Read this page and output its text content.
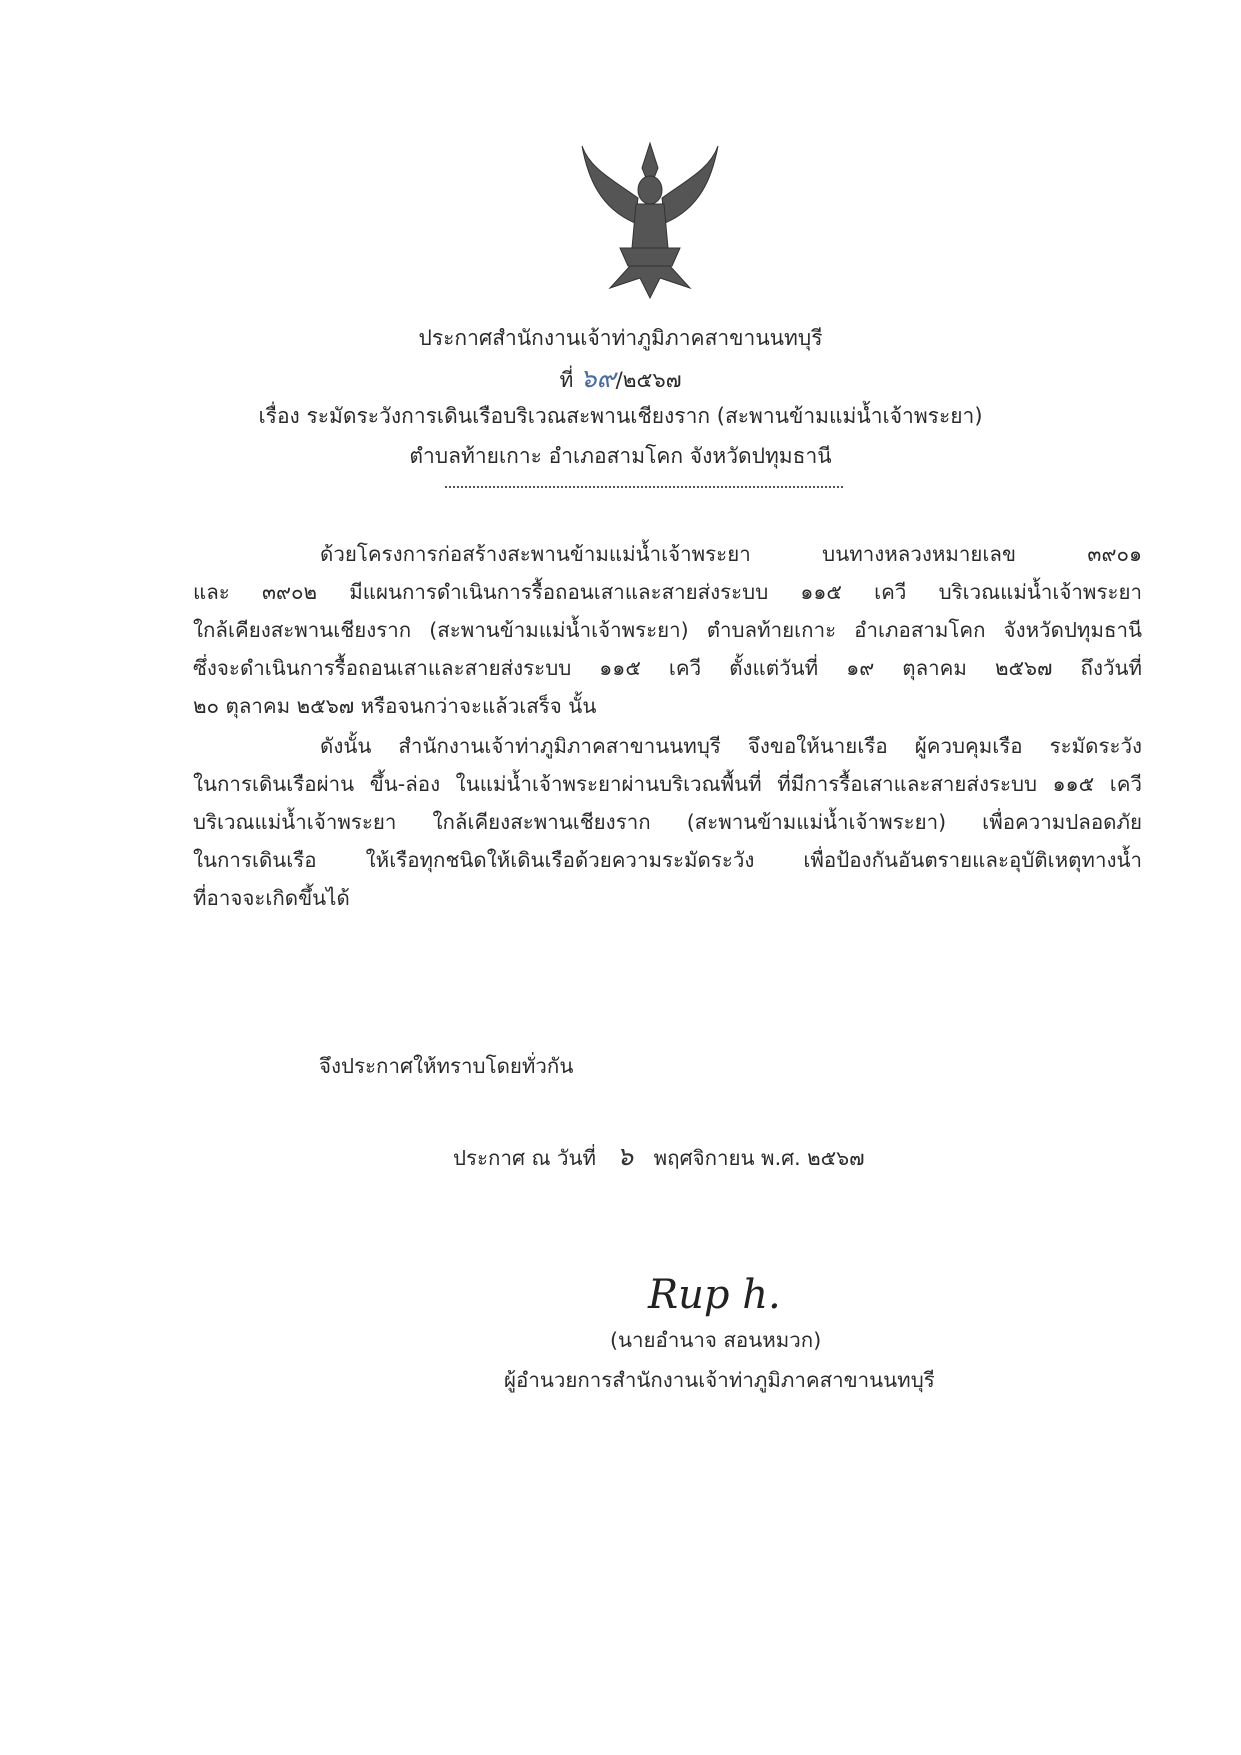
ประกาศสำนักงานเจ้าท่าภูมิภาคสาขานนทบุรี
ที่ ๖๙/๒๕๖๗
เรื่อง ระมัดระวังการเดินเรือบริเวณสะพานเชียงราก (สะพานข้ามแม่น้ำเจ้าพระยา)
ตำบลท้ายเกาะ อำเภอสามโคก จังหวัดปทุมธานี
ด้วยโครงการก่อสร้างสะพานข้ามแม่น้ำเจ้าพระยา บนทางหลวงหมายเลข ๓๙๐๑
และ ๓๙๐๒ มีแผนการดำเนินการรื้อถอนเสาและสายส่งระบบ ๑๑๕ เควี บริเวณแม่น้ำเจ้าพระยา
ใกล้เคียงสะพานเชียงราก (สะพานข้ามแม่น้ำเจ้าพระยา) ตำบลท้ายเกาะ อำเภอสามโคก จังหวัดปทุมธานี
ซึ่งจะดำเนินการรื้อถอนเสาและสายส่งระบบ ๑๑๕ เควี ตั้งแต่วันที่ ๑๙ ตุลาคม ๒๕๖๗ ถึงวันที่
๒๐ ตุลาคม ๒๕๖๗ หรือจนกว่าจะแล้วเสร็จ นั้น
ดังนั้น สำนักงานเจ้าท่าภูมิภาคสาขานนทบุรี จึงขอให้นายเรือ ผู้ควบคุมเรือ ระมัดระวัง
ในการเดินเรือผ่าน ขึ้น-ล่อง ในแม่น้ำเจ้าพระยาผ่านบริเวณพื้นที่ ที่มีการรื้อเสาและสายส่งระบบ ๑๑๕ เควี
บริเวณแม่น้ำเจ้าพระยา ใกล้เคียงสะพานเชียงราก (สะพานข้ามแม่น้ำเจ้าพระยา) เพื่อความปลอดภัย
ในการเดินเรือ ให้เรือทุกชนิดให้เดินเรือด้วยความระมัดระวัง เพื่อป้องกันอันตรายและอุบัติเหตุทางน้ำ
ที่อาจจะเกิดขึ้นได้
จึงประกาศให้ทราบโดยทั่วกัน
ประกาศ ณ วันที่ ๖ พฤศจิกายน พ.ศ. ๒๕๖๗
Rup h.
(นายอำนาจ สอนหมวก)
ผู้อำนวยการสำนักงานเจ้าท่าภูมิภาคสาขานนทบุรี
